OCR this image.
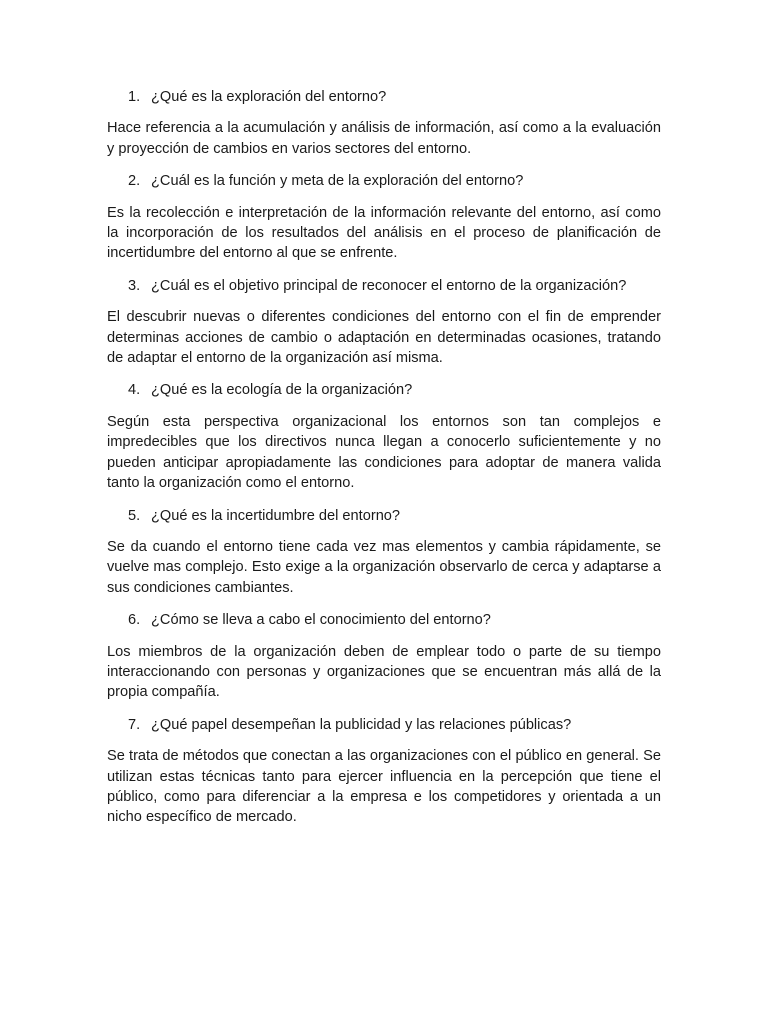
1. ¿Qué es la exploración del entorno?

Hace referencia a la acumulación y análisis de información, así como a la evaluación y proyección de cambios en varios sectores del entorno.

2. ¿Cuál es la función y meta de la exploración del entorno?

Es la recolección e interpretación de la información relevante del entorno, así como la incorporación de los resultados del análisis en el proceso de planificación de incertidumbre del entorno al que se enfrente.

3. ¿Cuál es el objetivo principal de reconocer el entorno de la organización?

El descubrir nuevas o diferentes condiciones del entorno con el fin de emprender determinas acciones de cambio o adaptación en determinadas ocasiones, tratando de adaptar el entorno de la organización así misma.

4. ¿Qué es la ecología de la organización?

Según esta perspectiva organizacional los entornos son tan complejos e impredecibles que los directivos nunca llegan a conocerlo suficientemente y no pueden anticipar apropiadamente las condiciones para adoptar de manera valida tanto la organización como el entorno.

5. ¿Qué es la incertidumbre del entorno?

Se da cuando el entorno tiene cada vez mas elementos y cambia rápidamente, se vuelve mas complejo. Esto exige a la organización observarlo de cerca y adaptarse a sus condiciones cambiantes.

6. ¿Cómo se lleva a cabo el conocimiento del entorno?

Los miembros de la organización deben de emplear todo o parte de su tiempo interaccionando con personas y organizaciones que se encuentran más allá de la propia compañía.

7. ¿Qué papel desempeñan la publicidad y las relaciones públicas?

Se trata de métodos que conectan a las organizaciones con el público en general. Se utilizan estas técnicas tanto para ejercer influencia en la percepción que tiene el público, como para diferenciar a la empresa e los competidores y orientada a un nicho específico de mercado.
